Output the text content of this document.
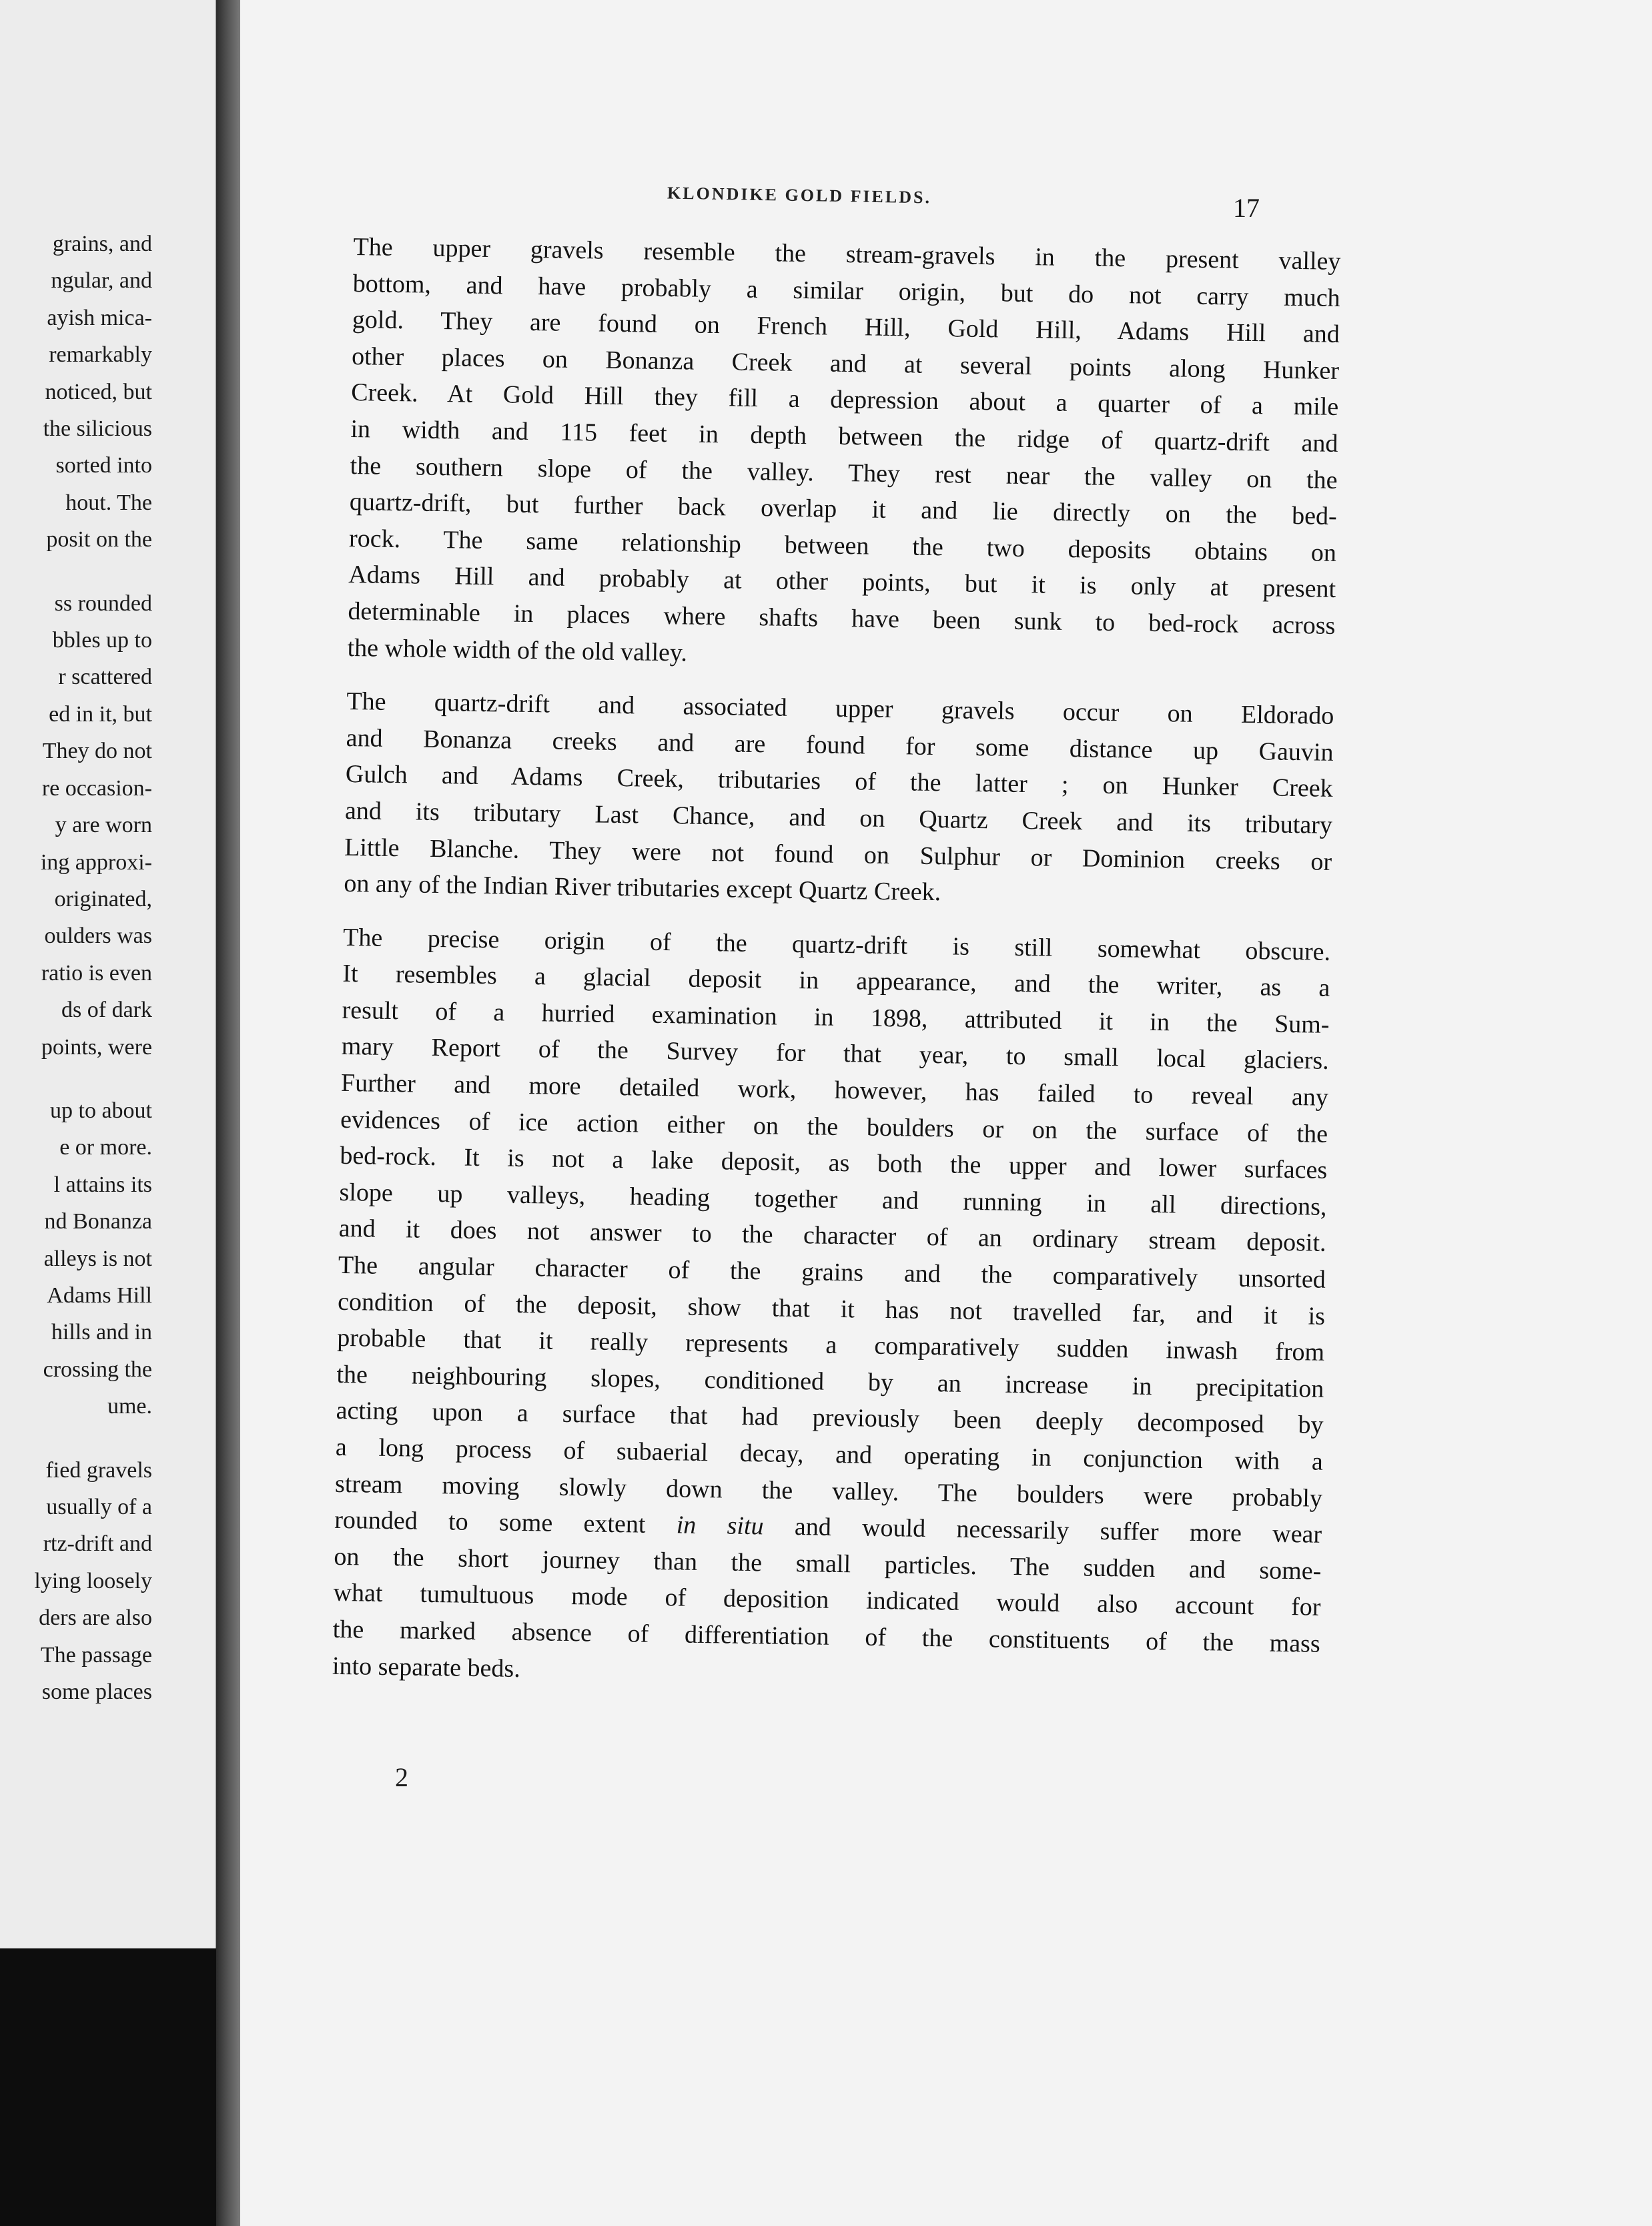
grains, and
ngular, and
ayish mica-
remarkably
noticed, but
the silicious
sorted into
hout. The
posit on the
ss rounded
bbles up to
r scattered
ed in it, but
They do not
re occasion-
y are worn
ing approxi-
originated,
oulders was
ratio is even
ds of dark
points, were
up to about
e or more.
l attains its
nd Bonanza
alleys is not
Adams Hill
hills and in
crossing the
ume.
fied gravels
usually of a
rtz-drift and
lying loosely
ders are also
The passage
some places
KLONDIKE GOLD FIELDS.	17
The upper gravels resemble the stream-gravels in the present valley
bottom, and have probably a similar origin, but do not carry much
gold. They are found on French Hill, Gold Hill, Adams Hill and
other places on Bonanza Creek and at several points along Hunker
Creek. At Gold Hill they fill a depression about a quarter of a mile
in width and 115 feet in depth between the ridge of quartz-drift and
the southern slope of the valley. They rest near the valley on the
quartz-drift, but further back overlap it and lie directly on the bed-
rock. The same relationship between the two deposits obtains on
Adams Hill and probably at other points, but it is only at present
determinable in places where shafts have been sunk to bed-rock across
the whole width of the old valley.
The quartz-drift and associated upper gravels occur on Eldorado
and Bonanza creeks and are found for some distance up Gauvin
Gulch and Adams Creek, tributaries of the latter ; on Hunker Creek
and its tributary Last Chance, and on Quartz Creek and its tributary
Little Blanche. They were not found on Sulphur or Dominion creeks or
on any of the Indian River tributaries except Quartz Creek.
The precise origin of the quartz-drift is still somewhat obscure.
It resembles a glacial deposit in appearance, and the writer, as a
result of a hurried examination in 1898, attributed it in the Sum-
mary Report of the Survey for that year, to small local glaciers.
Further and more detailed work, however, has failed to reveal any
evidences of ice action either on the boulders or on the surface of the
bed-rock. It is not a lake deposit, as both the upper and lower surfaces
slope up valleys, heading together and running in all directions,
and it does not answer to the character of an ordinary stream deposit.
The angular character of the grains and the comparatively unsorted
condition of the deposit, show that it has not travelled far, and it is
probable that it really represents a comparatively sudden inwash from
the neighbouring slopes, conditioned by an increase in precipitation
acting upon a surface that had previously been deeply decomposed by
a long process of subaerial decay, and operating in conjunction with a
stream moving slowly down the valley. The boulders were probably
rounded to some extent in situ and would necessarily suffer more wear
on the short journey than the small particles. The sudden and some-
what tumultuous mode of deposition indicated would also account for
the marked absence of differentiation of the constituents of the mass
into separate beds.
2
